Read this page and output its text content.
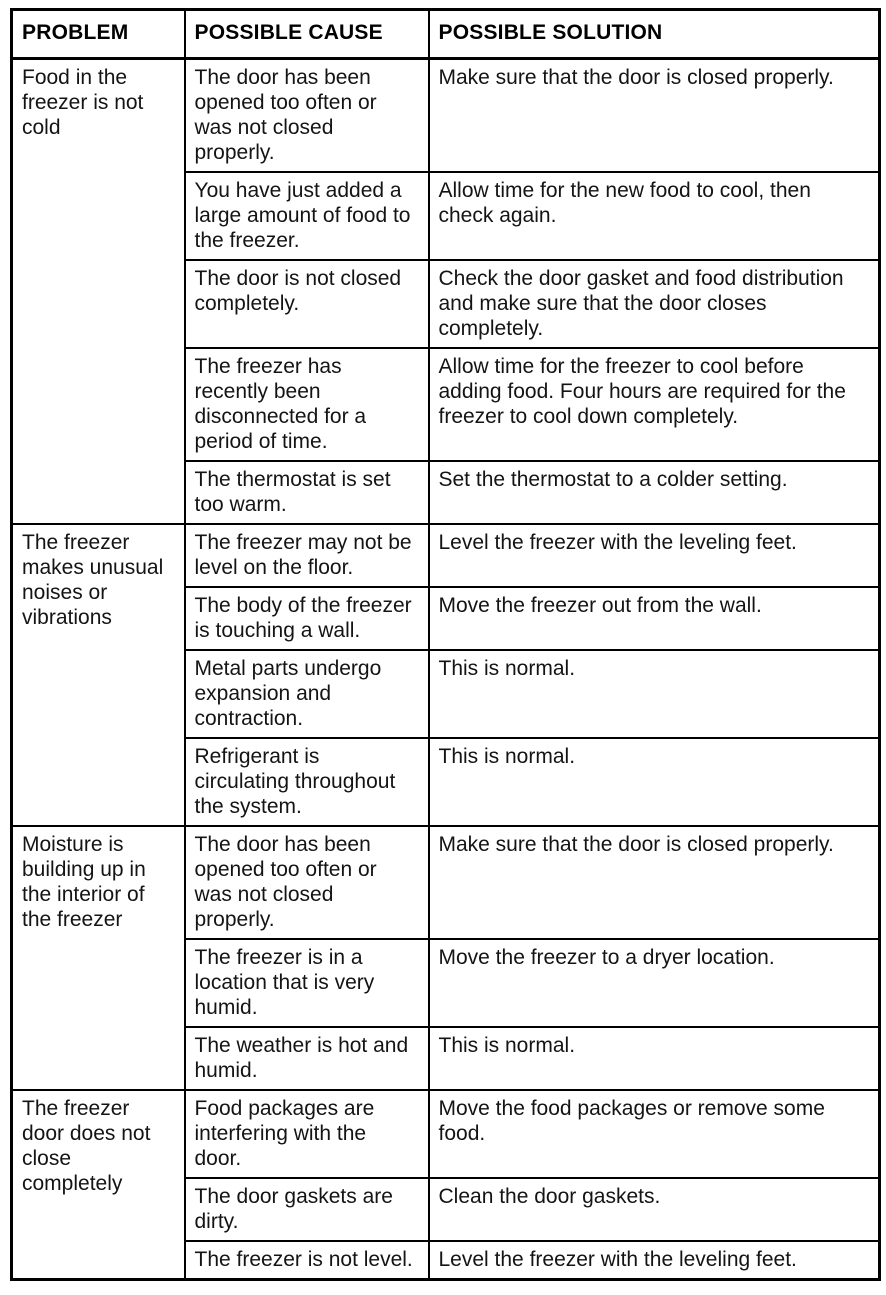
PROBLEM	POSSIBLE CAUSE	POSSIBLE SOLUTION
Food in the freezer is not cold	The door has been opened too often or was not closed properly.	Make sure that the door is closed properly.
	You have just added a large amount of food to the freezer.	Allow time for the new food to cool, then check again.
	The door is not closed completely.	Check the door gasket and food distribution and make sure that the door closes completely.
	The freezer has recently been disconnected for a period of time.	Allow time for the freezer to cool before adding food. Four hours are required for the freezer to cool down completely.
	The thermostat is set too warm.	Set the thermostat to a colder setting.
The freezer makes unusual noises or vibrations	The freezer may not be level on the floor.	Level the freezer with the leveling feet.
	The body of the freezer is touching a wall.	Move the freezer out from the wall.
	Metal parts undergo expansion and contraction.	This is normal.
	Refrigerant is circulating throughout the system.	This is normal.
Moisture is building up in the interior of the freezer	The door has been opened too often or was not closed properly.	Make sure that the door is closed properly.
	The freezer is in a location that is very humid.	Move the freezer to a dryer location.
	The weather is hot and humid.	This is normal.
The freezer door does not close completely	Food packages are interfering with the door.	Move the food packages or remove some food.
	The door gaskets are dirty.	Clean the door gaskets.
	The freezer is not level.	Level the freezer with the leveling feet.
